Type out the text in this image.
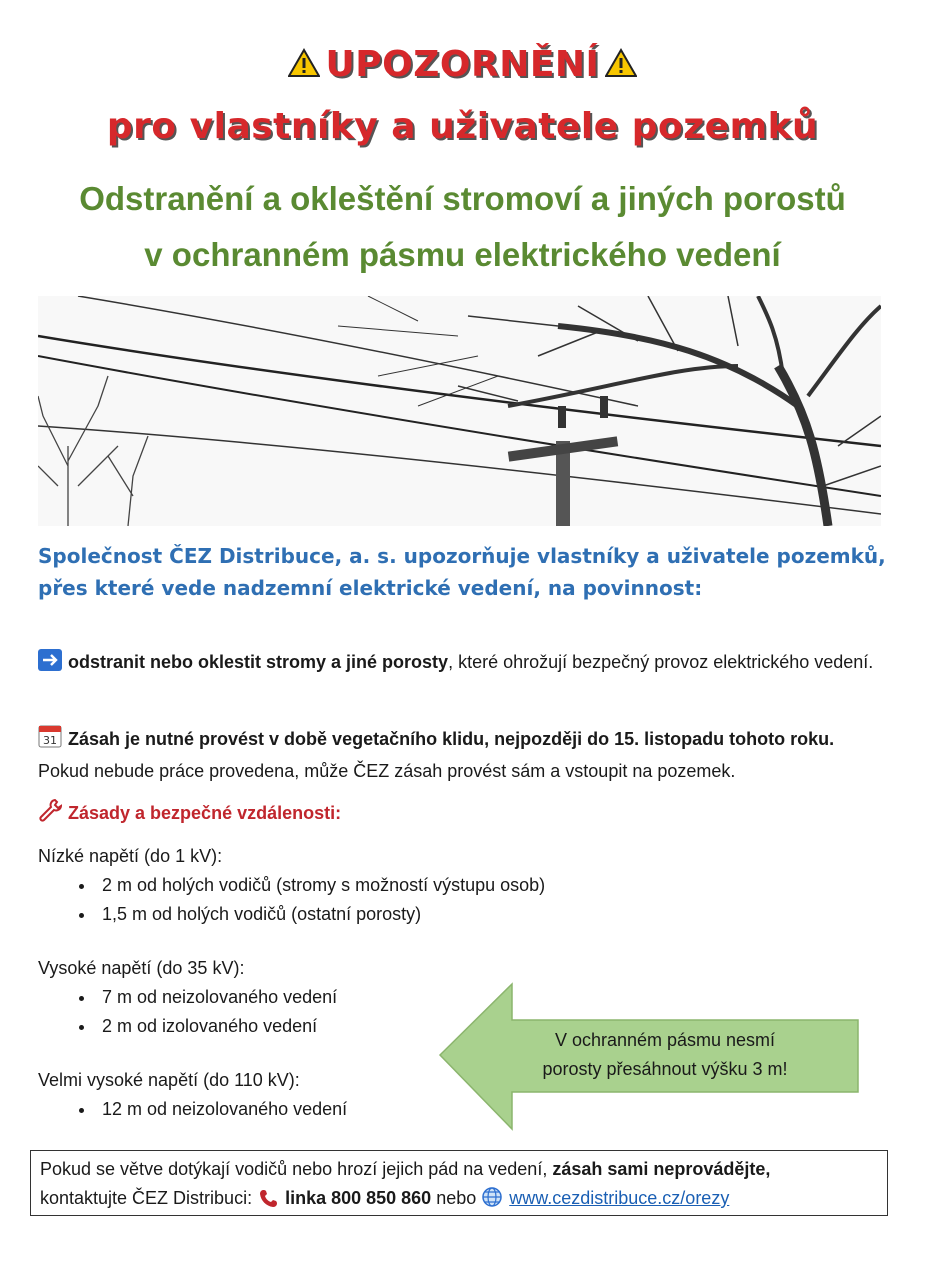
UPOZORNĚNÍ
pro vlastníky a uživatele pozemků
Odstranění a okleštění stromoví a jiných porostů
v ochranném pásmu elektrického vedení
Společnost ČEZ Distribuce, a. s. upozorňuje vlastníky a uživatele pozemků, přes které vede nadzemní elektrické vedení, na povinnost:
odstranit nebo oklestit stromy a jiné porosty, které ohrožují bezpečný provoz elektrického vedení.
31 Zásah je nutné provést v době vegetačního klidu, nejpozději do 15. listopadu tohoto roku. Pokud nebude práce provedena, může ČEZ zásah provést sám a vstoupit na pozemek.
Zásady a bezpečné vzdálenosti:
Nízké napětí (do 1 kV):
• 2 m od holých vodičů (stromy s možností výstupu osob)
• 1,5 m od holých vodičů (ostatní porosty)
Vysoké napětí (do 35 kV):
• 7 m od neizolovaného vedení
• 2 m od izolovaného vedení
Velmi vysoké napětí (do 110 kV):
• 12 m od neizolovaného vedení
V ochranném pásmu nesmí
porosty přesáhnout výšku 3 m!
Pokud se větve dotýkají vodičů nebo hrozí jejich pád na vedení, zásah sami neprovádějte,
kontaktujte ČEZ Distribuci: linka 800 850 860 nebo www.cezdistribuce.cz/orezy
